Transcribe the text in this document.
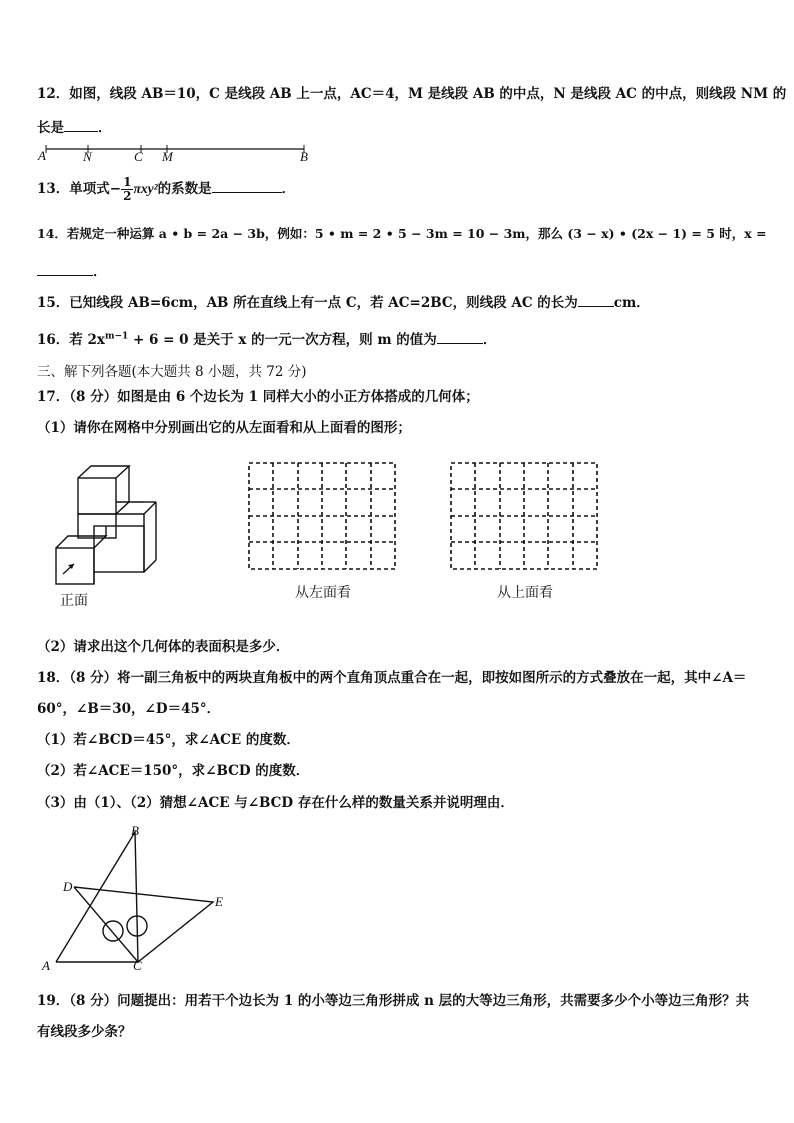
12．如图，线段 AB＝10，C 是线段 AB 上一点，AC＝4，M 是线段 AB 的中点，N 是线段 AC 的中点，则线段 NM 的
长是	．
A	N	C M	B
13．单项式− $\frac{1}{2} \pi xy^2$的系数是	．
14．若规定一种运算 a • b = 2a − 3b，例如：5 • m = 2 • 5 − 3m = 10 − 3m，那么 (3 − x) • (2x − 1) = 5 时，x =
．
15．已知线段 AB=6cm，AB 所在直线上有一点 C，若 AC=2BC，则线段 AC 的长为	cm．
16．若 $2x^{m-1} + 6 = 0$ 是关于 x 的一元一次方程，则 m 的值为	．
三、解下列各题(本大题共 8 小题，共 72 分)
17．（8 分）如图是由 6 个边长为 1 同样大小的小正方体搭成的几何体；
（1）请你在网格中分别画出它的从左面看和从上面看的图形；
正面	从左面看	从上面看
（2）请求出这个几何体的表面积是多少．
18．（8 分）将一副三角板中的两块直角板中的两个直角顶点重合在一起，即按如图所示的方式叠放在一起，其中∠A＝
60°，∠B＝30，∠D＝45°．
（1）若∠BCD＝45°，求∠ACE 的度数．
（2）若∠ACE＝150°，求∠BCD 的度数．
（3）由（1）、（2）猜想∠ACE 与∠BCD 存在什么样的数量关系并说明理由．
B
D
E
A	C
19．（8 分）问题提出：用若干个边长为 1 的小等边三角形拼成 n 层的大等边三角形，共需要多少个小等边三角形？共
有线段多少条？
